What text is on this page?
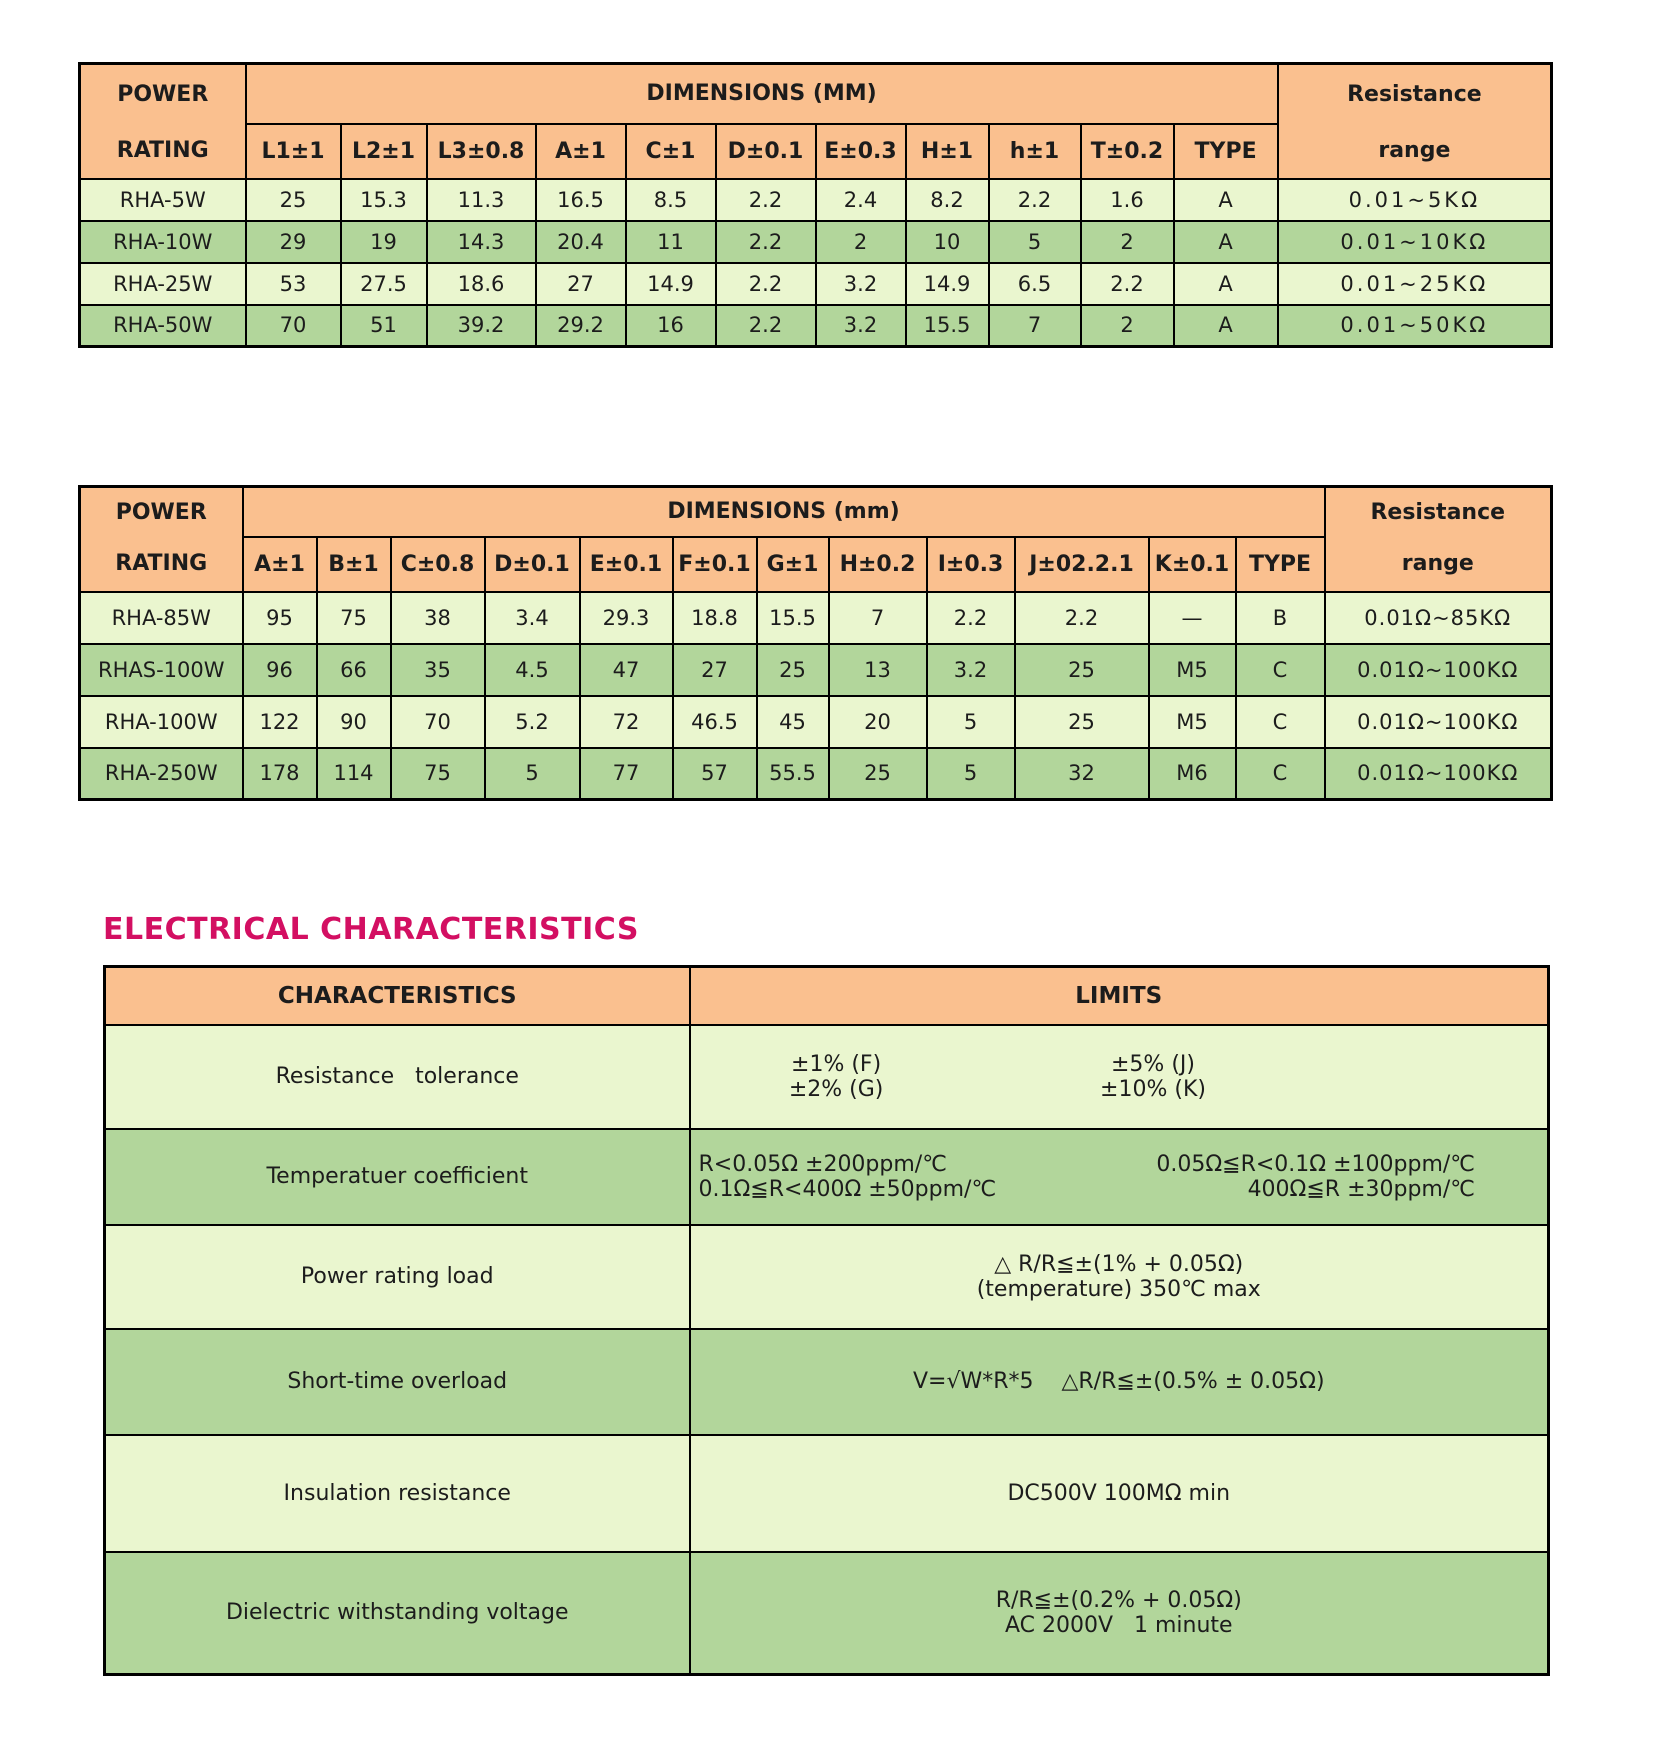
POWER
RATING
	DIMENSIONS (MM)	Resistance
range

	L1±1	L2±1	L3±0.8	A±1	C±1	D±0.1	E±0.3	H±1	h±1	T±0.2	TYPE	
RHA-5W	25	15.3	11.3	16.5	8.5	2.2	2.4	8.2	2.2	1.6	A	0.01~5KΩ
RHA-10W	29	19	14.3	20.4	11	2.2	2	10	5	2	A	0.01~10KΩ
RHA-25W	53	27.5	18.6	27	14.9	2.2	3.2	14.9	6.5	2.2	A	0.01~25KΩ
RHA-50W	70	51	39.2	29.2	16	2.2	3.2	15.5	7	2	A	0.01~50KΩ
POWER
RATING
	DIMENSIONS (mm)	Resistance
range

	A±1	B±1	C±0.8	D±0.1	E±0.1	F±0.1	G±1	H±0.2	I±0.3	J±02.2.1	K±0.1	TYPE	
RHA-85W	95	75	38	3.4	29.3	18.8	15.5	7	2.2	2.2	—	B	0.01Ω~85KΩ
RHAS-100W	96	66	35	4.5	47	27	25	13	3.2	25	M5	C	0.01Ω~100KΩ
RHA-100W	122	90	70	5.2	72	46.5	45	20	5	25	M5	C	0.01Ω~100KΩ
RHA-250W	178	114	75	5	77	57	55.5	25	5	32	M6	C	0.01Ω~100KΩ
ELECTRICAL CHARACTERISTICS
CHARACTERISTICS	LIMITS
Resistance   tolerance	±1% (F) ±5% (J)
±2% (G) ±10% (K)

Temperatuer coefficient	R<0.05Ω ±200ppm/℃ 0.05Ω≦R<0.1Ω ±100ppm/℃
0.1Ω≦R<400Ω ±50ppm/℃ 400Ω≦R ±30ppm/℃

Power rating load	△ R/R≦±(1% + 0.05Ω)
(temperature) 350℃ max

Short-time overload	V=√W*R*5    △R/R≦±(0.5% ± 0.05Ω)

Insulation resistance	DC500V 100MΩ min

Dielectric withstanding voltage	R/R≦±(0.2% + 0.05Ω)
AC 2000V   1 minute
